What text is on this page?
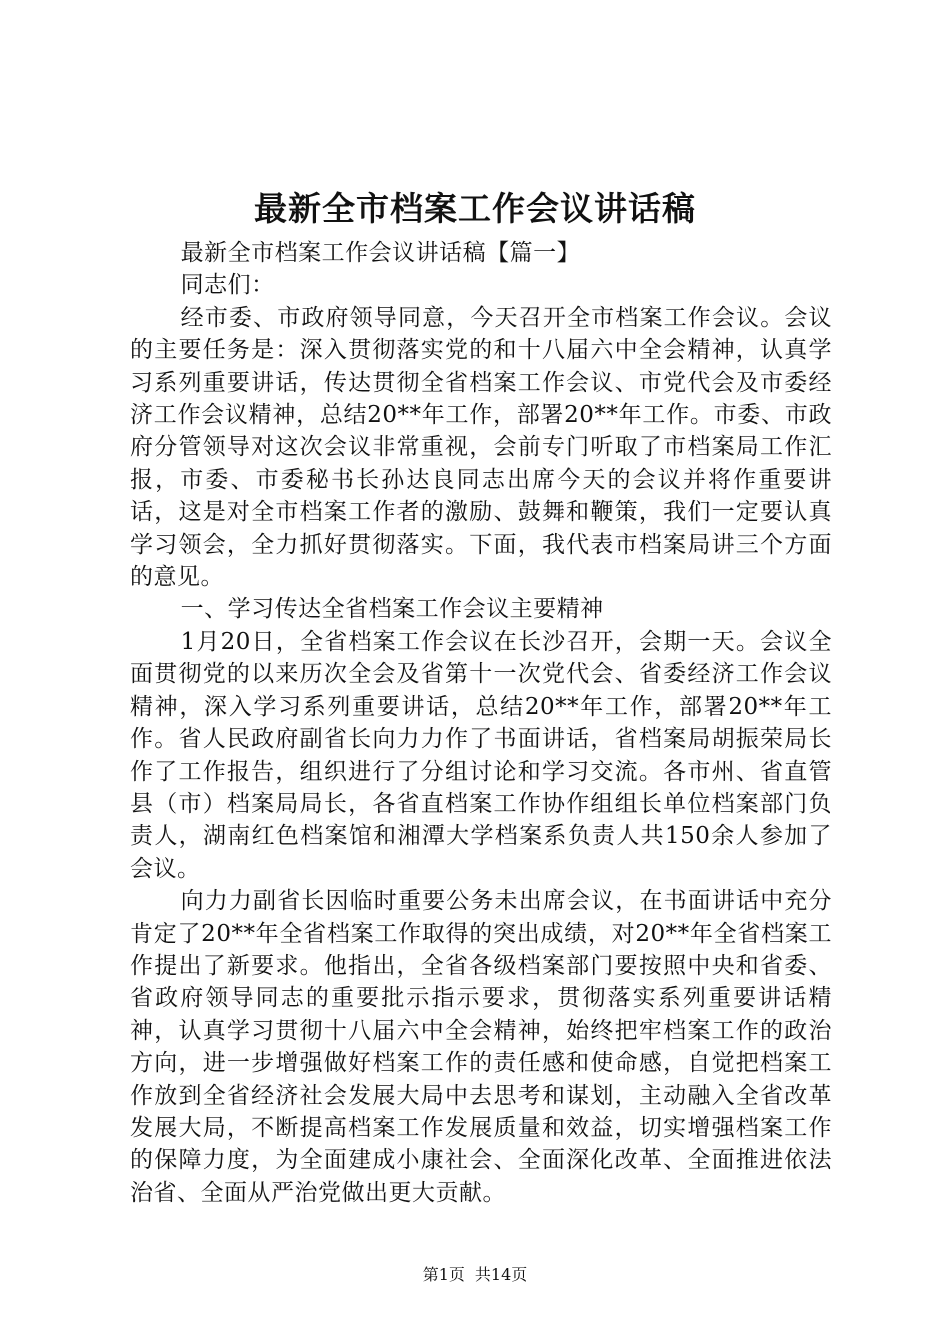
最新全市档案工作会议讲话稿

最新全市档案工作会议讲话稿【篇一】

同志们：

经市委、市政府领导同意，今天召开全市档案工作会议。会议的主要任务是：深入贯彻落实党的和十八届六中全会精神，认真学习系列重要讲话，传达贯彻全省档案工作会议、市党代会及市委经济工作会议精神，总结20**年工作，部署20**年工作。市委、市政府分管领导对这次会议非常重视，会前专门听取了市档案局工作汇报，市委、市委秘书长孙达良同志出席今天的会议并将作重要讲话，这是对全市档案工作者的激励、鼓舞和鞭策，我们一定要认真学习领会，全力抓好贯彻落实。下面，我代表市档案局讲三个方面的意见。

一、学习传达全省档案工作会议主要精神

1月20日，全省档案工作会议在长沙召开，会期一天。会议全面贯彻党的以来历次全会及省第十一次党代会、省委经济工作会议精神，深入学习系列重要讲话，总结20**年工作，部署20**年工作。省人民政府副省长向力力作了书面讲话，省档案局胡振荣局长作了工作报告，组织进行了分组讨论和学习交流。各市州、省直管县（市）档案局局长，各省直档案工作协作组组长单位档案部门负责人，湖南红色档案馆和湘潭大学档案系负责人共150余人参加了会议。

向力力副省长因临时重要公务未出席会议，在书面讲话中充分肯定了20**年全省档案工作取得的突出成绩，对20**年全省档案工作提出了新要求。他指出，全省各级档案部门要按照中央和省委、省政府领导同志的重要批示指示要求，贯彻落实系列重要讲话精神，认真学习贯彻十八届六中全会精神，始终把牢档案工作的政治方向，进一步增强做好档案工作的责任感和使命感，自觉把档案工作放到全省经济社会发展大局中去思考和谋划，主动融入全省改革发展大局，不断提高档案工作发展质量和效益，切实增强档案工作的保障力度，为全面建成小康社会、全面深化改革、全面推进依法治省、全面从严治党做出更大贡献。

第1页 共14页
